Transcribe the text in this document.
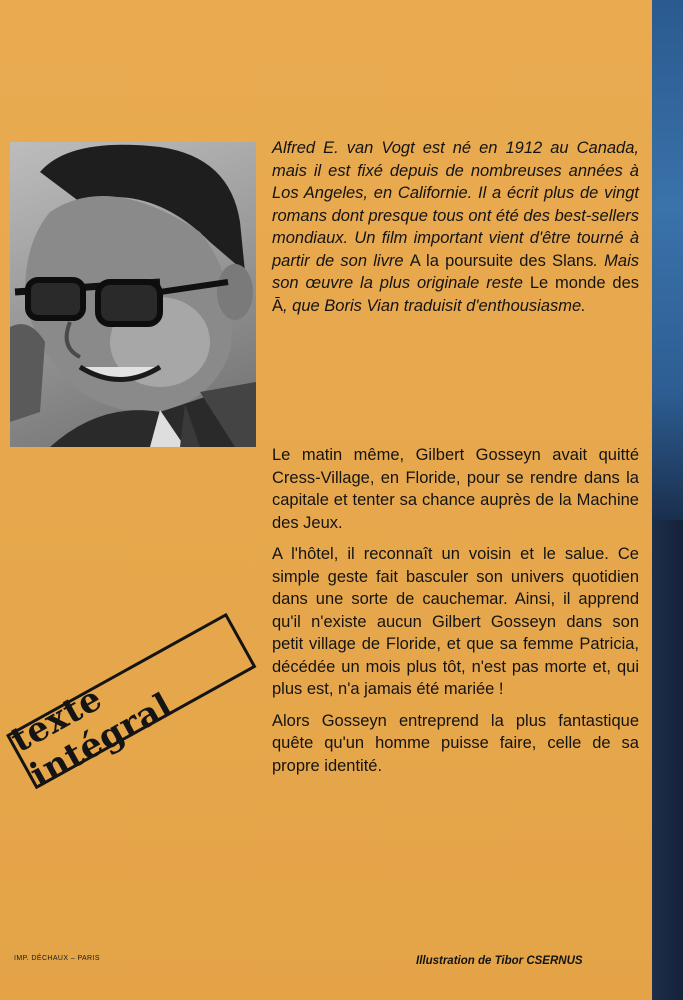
Alfred E. van Vogt est né en 1912 au Canada, mais il est fixé depuis de nombreuses années à Los Angeles, en Californie. Il a écrit plus de vingt romans dont presque tous ont été des best-sellers mondiaux. Un film important vient d'être tourné à partir de son livre A la poursuite des Slans. Mais son œuvre la plus originale reste Le monde des Ā, que Boris Vian traduisit d'enthousiasme.

Le matin même, Gilbert Gosseyn avait quitté Cress-Village, en Floride, pour se rendre dans la capitale et tenter sa chance auprès de la Machine des Jeux.

A l'hôtel, il reconnaît un voisin et le salue. Ce simple geste fait basculer son univers quotidien dans une sorte de cauchemar. Ainsi, il apprend qu'il n'existe aucun Gilbert Gosseyn dans son petit village de Floride, et que sa femme Patricia, décédée un mois plus tôt, n'est pas morte et, qui plus est, n'a jamais été mariée !

Alors Gosseyn entreprend la plus fantastique quête qu'un homme puisse faire, celle de sa propre identité.

texte intégral
IMP. DÉCHAUX – PARIS	Illustration de Tibor CSERNUS
